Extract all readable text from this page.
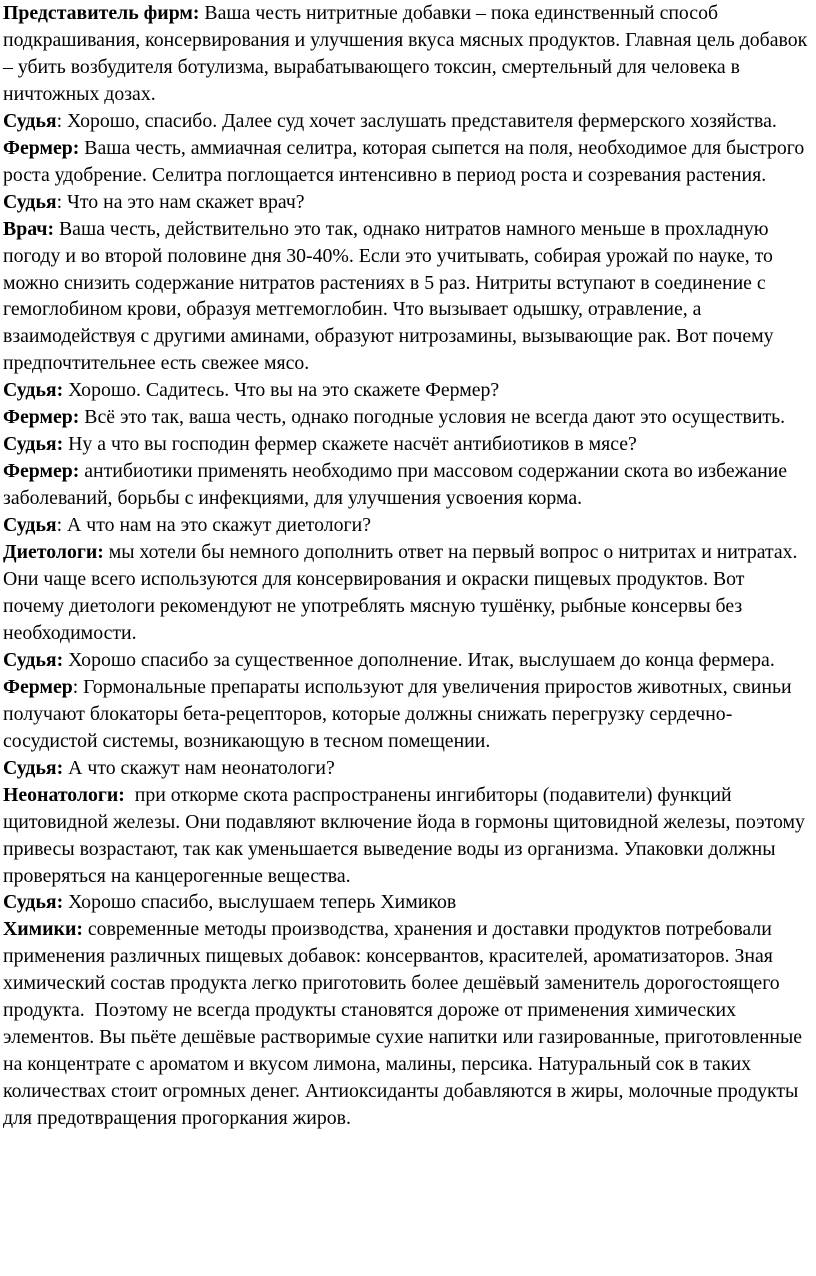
Представитель фирм: Ваша честь нитритные добавки – пока единственный способ подкрашивания, консервирования и улучшения вкуса мясных продуктов. Главная цель добавок – убить возбудителя ботулизма, вырабатывающего токсин, смертельный для человека в ничтожных дозах.

Судья: Хорошо, спасибо. Далее суд хочет заслушать представителя фермерского хозяйства.

Фермер: Ваша честь, аммиачная селитра, которая сыпется на поля, необходимое для быстрого роста удобрение. Селитра поглощается интенсивно в период роста и созревания растения.

Судья: Что на это нам скажет врач?

Врач: Ваша честь, действительно это так, однако нитратов намного меньше в прохладную погоду и во второй половине дня 30-40%. Если это учитывать, собирая урожай по науке, то можно снизить содержание нитратов растениях в 5 раз. Нитриты вступают в соединение с гемоглобином крови, образуя метгемоглобин. Что вызывает одышку, отравление, а взаимодействуя с другими аминами, образуют нитрозамины, вызывающие рак. Вот почему предпочтительнее есть свежее мясо.

Судья: Хорошо. Садитесь. Что вы на это скажете Фермер?

Фермер: Всё это так, ваша честь, однако погодные условия не всегда дают это осуществить.

Судья: Ну а что вы господин фермер скажете насчёт антибиотиков в мясе?

Фермер: антибиотики применять необходимо при массовом содержании скота во избежание заболеваний, борьбы с инфекциями, для улучшения усвоения корма.

Судья: А что нам на это скажут диетологи?

Диетологи: мы хотели бы немного дополнить ответ на первый вопрос о нитритах и нитратах. Они чаще всего используются для консервирования и окраски пищевых продуктов. Вот почему диетологи рекомендуют не употреблять мясную тушёнку, рыбные консервы без необходимости.

Судья: Хорошо спасибо за существенное дополнение. Итак, выслушаем до конца фермера.

Фермер: Гормональные препараты используют для увеличения приростов животных, свиньи получают блокаторы бета-рецепторов, которые должны снижать перегрузку сердечно-сосудистой системы, возникающую в тесном помещении.

Судья: А что скажут нам неонатологи?

Неонатологи:  при откорме скота распространены ингибиторы (подавители) функций щитовидной железы. Они подавляют включение йода в гормоны щитовидной железы, поэтому привесы возрастают, так как уменьшается выведение воды из организма. Упаковки должны проверяться на канцерогенные вещества.

Судья: Хорошо спасибо, выслушаем теперь Химиков

Химики: современные методы производства, хранения и доставки продуктов потребовали применения различных пищевых добавок: консервантов, красителей, ароматизаторов. Зная химический состав продукта легко приготовить более дешёвый заменитель дорогостоящего продукта.  Поэтому не всегда продукты становятся дороже от применения химических элементов. Вы пьёте дешёвые растворимые сухие напитки или газированные, приготовленные на концентрате с ароматом и вкусом лимона, малины, персика. Натуральный сок в таких количествах стоит огромных денег. Антиоксиданты добавляются в жиры, молочные продукты для предотвращения прогоркания жиров.
